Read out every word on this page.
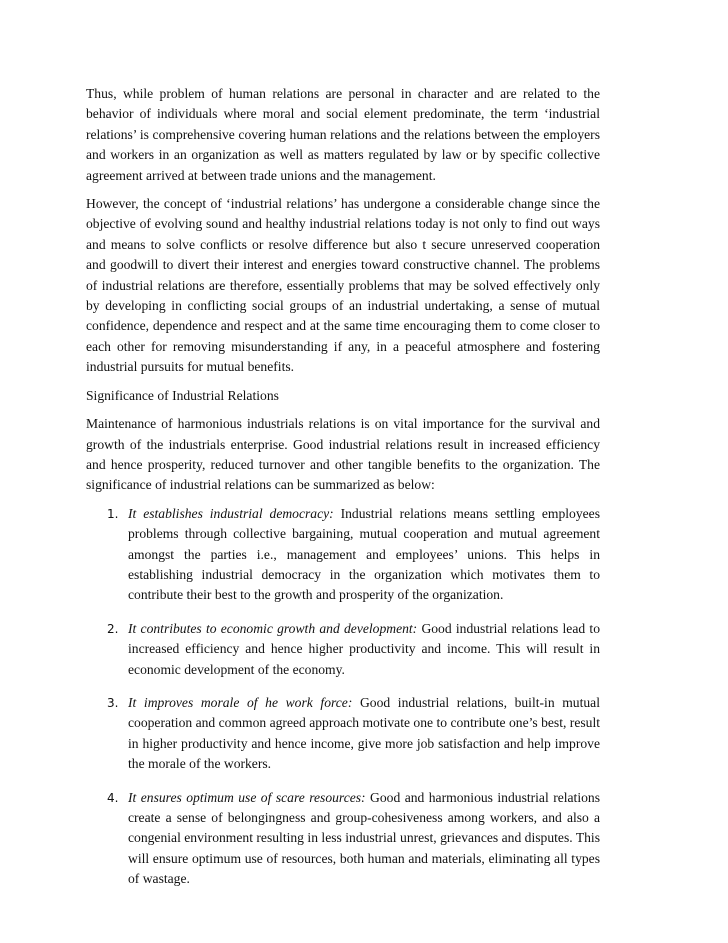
Thus, while problem of human relations are personal in character and are related to the behavior of individuals where moral and social element predominate, the term ‘industrial relations’ is comprehensive covering human relations and the relations between the employers and workers in an organization as well as matters regulated by law or by specific collective agreement arrived at between trade unions and the management.

However, the concept of ‘industrial relations’ has undergone a considerable change since the objective of evolving sound and healthy industrial relations today is not only to find out ways and means to solve conflicts or resolve difference but also t secure unreserved cooperation and goodwill to divert their interest and energies toward constructive channel. The problems of industrial relations are therefore, essentially problems that may be solved effectively only by developing in conflicting social groups of an industrial undertaking, a sense of mutual confidence, dependence and respect and at the same time encouraging them to come closer to each other for removing misunderstanding if any, in a peaceful atmosphere and fostering industrial pursuits for mutual benefits.

Significance of Industrial Relations

Maintenance of harmonious industrials relations is on vital importance for the survival and growth of the industrials enterprise. Good industrial relations result in increased efficiency and hence prosperity, reduced turnover and other tangible benefits to the organization. The significance of industrial relations can be summarized as below:

1. It establishes industrial democracy: Industrial relations means settling employees problems through collective bargaining, mutual cooperation and mutual agreement amongst the parties i.e., management and employees’ unions. This helps in establishing industrial democracy in the organization which motivates them to contribute their best to the growth and prosperity of the organization.
2. It contributes to economic growth and development: Good industrial relations lead to increased efficiency and hence higher productivity and income. This will result in economic development of the economy.
3. It improves morale of he work force: Good industrial relations, built-in mutual cooperation and common agreed approach motivate one to contribute one’s best, result in higher productivity and hence income, give more job satisfaction and help improve the morale of the workers.
4. It ensures optimum use of scare resources: Good and harmonious industrial relations create a sense of belongingness and group-cohesiveness among workers, and also a congenial environment resulting in less industrial unrest, grievances and disputes. This will ensure optimum use of resources, both human and materials, eliminating all types of wastage.
